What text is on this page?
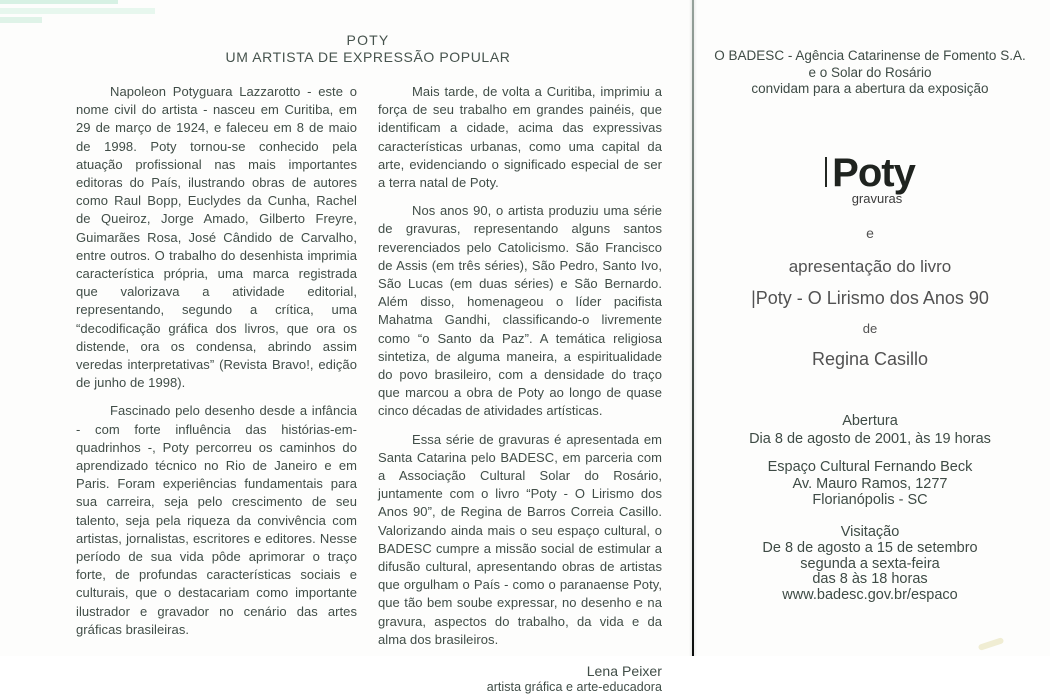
POTY
UM ARTISTA DE EXPRESSÃO POPULAR

Napoleon Potyguara Lazzarotto - este o nome civil do artista - nasceu em Curitiba, em 29 de março de 1924, e faleceu em 8 de maio de 1998. Poty tornou-se conhecido pela atuação profissional nas mais importantes editoras do País, ilustrando obras de autores como Raul Bopp, Euclydes da Cunha, Rachel de Queiroz, Jorge Amado, Gilberto Freyre, Guimarães Rosa, José Cândido de Carvalho, entre outros. O trabalho do desenhista imprimia característica própria, uma marca registrada que valorizava a atividade editorial, representando, segundo a crítica, uma “decodificação gráfica dos livros, que ora os distende, ora os condensa, abrindo assim veredas interpretativas” (Revista Bravo!, edição de junho de 1998).

Fascinado pelo desenho desde a infância - com forte influência das histórias-em-quadrinhos -, Poty percorreu os caminhos do aprendizado técnico no Rio de Janeiro e em Paris. Foram experiências fundamentais para sua carreira, seja pelo crescimento de seu talento, seja pela riqueza da convivência com artistas, jornalistas, escritores e editores. Nesse período de sua vida pôde aprimorar o traço forte, de profundas características sociais e culturais, que o destacariam como importante ilustrador e gravador no cenário das artes gráficas brasileiras.

Mais tarde, de volta a Curitiba, imprimiu a força de seu trabalho em grandes painéis, que identificam a cidade, acima das expressivas características urbanas, como uma capital da arte, evidenciando o significado especial de ser a terra natal de Poty.

Nos anos 90, o artista produziu uma série de gravuras, representando alguns santos reverenciados pelo Catolicismo. São Francisco de Assis (em três séries), São Pedro, Santo Ivo, São Lucas (em duas séries) e São Bernardo. Além disso, homenageou o líder pacifista Mahatma Gandhi, classificando-o livremente como “o Santo da Paz”. A temática religiosa sintetiza, de alguma maneira, a espiritualidade do povo brasileiro, com a densidade do traço que marcou a obra de Poty ao longo de quase cinco décadas de atividades artísticas.

Essa série de gravuras é apresentada em Santa Catarina pelo BADESC, em parceria com a Associação Cultural Solar do Rosário, juntamente com o livro “Poty - O Lirismo dos Anos 90”, de Regina de Barros Correia Casillo. Valorizando ainda mais o seu espaço cultural, o BADESC cumpre a missão social de estimular a difusão cultural, apresentando obras de artistas que orgulham o País - como o paranaense Poty, que tão bem soube expressar, no desenho e na gravura, aspectos do trabalho, da vida e da alma dos brasileiros.

Lena Peixer
artista gráfica e arte-educadora
O BADESC - Agência Catarinense de Fomento S.A.
e o Solar do Rosário
convidam para a abertura da exposição
Poty
gravuras
e
apresentação do livro
|Poty - O Lirismo dos Anos 90
de
Regina Casillo
Abertura
Dia 8 de agosto de 2001, às 19 horas
Espaço Cultural Fernando Beck
Av. Mauro Ramos, 1277
Florianópolis - SC
Visitação
De 8 de agosto a 15 de setembro
segunda a sexta-feira
das 8 às 18 horas
www.badesc.gov.br/espaco
